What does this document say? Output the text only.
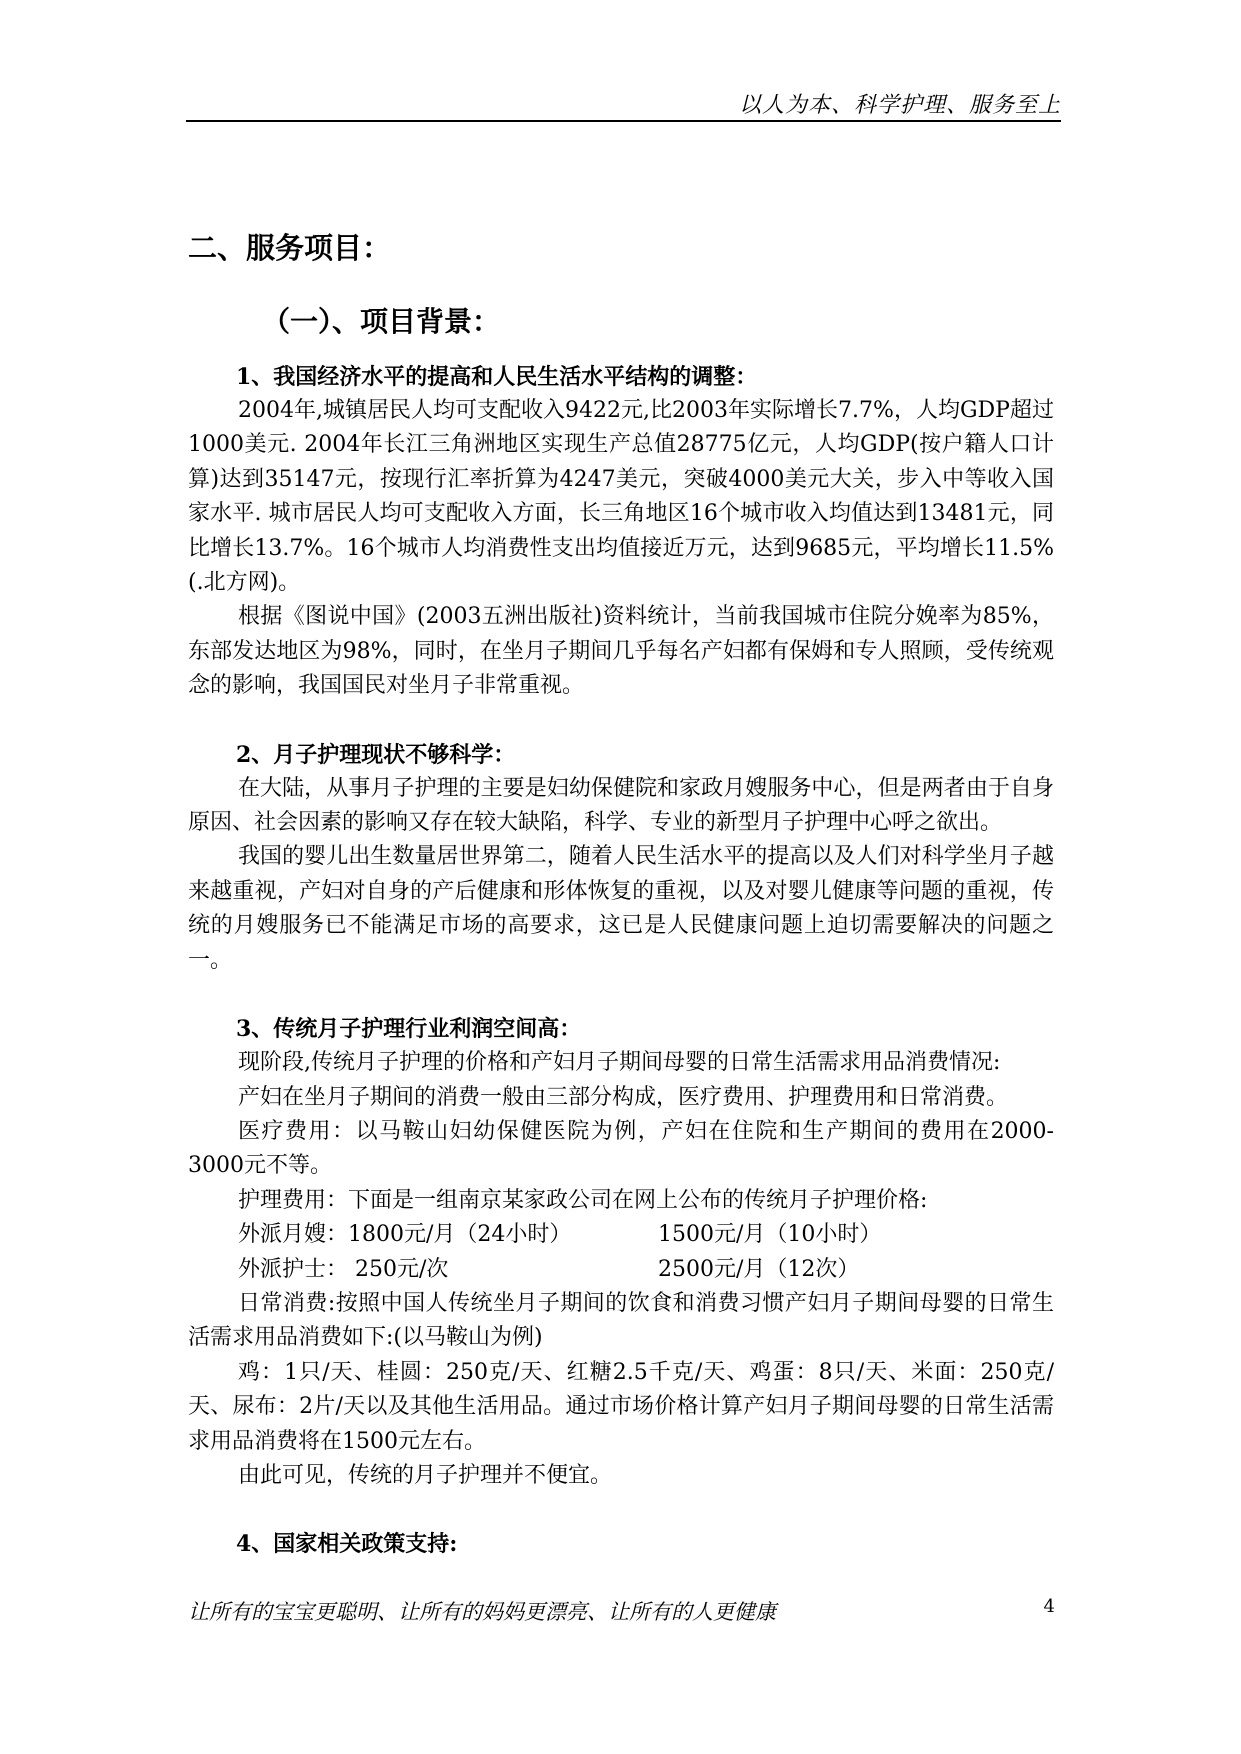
以人为本、科学护理、服务至上
二、服务项目：
（一）、项目背景：
1、我国经济水平的提高和人民生活水平结构的调整：

2004年,城镇居民人均可支配收入9422元,比2003年实际增长7.7%，人均GDP超过1000美元. 2004年长江三角洲地区实现生产总值28775亿元，人均GDP(按户籍人口计算)达到35147元，按现行汇率折算为4247美元，突破4000美元大关，步入中等收入国家水平. 城市居民人均可支配收入方面，长三角地区16个城市收入均值达到13481元，同比增长13.7%。16个城市人均消费性支出均值接近万元，达到9685元，平均增长11.5%(.北方网)。

根据《图说中国》(2003五洲出版社)资料统计，当前我国城市住院分娩率为85%，东部发达地区为98%，同时，在坐月子期间几乎每名产妇都有保姆和专人照顾，受传统观念的影响，我国国民对坐月子非常重视。

2、月子护理现状不够科学：

在大陆，从事月子护理的主要是妇幼保健院和家政月嫂服务中心，但是两者由于自身原因、社会因素的影响又存在较大缺陷，科学、专业的新型月子护理中心呼之欲出。

我国的婴儿出生数量居世界第二，随着人民生活水平的提高以及人们对科学坐月子越来越重视，产妇对自身的产后健康和形体恢复的重视，以及对婴儿健康等问题的重视，传统的月嫂服务已不能满足市场的高要求，这已是人民健康问题上迫切需要解决的问题之一。

3、传统月子护理行业利润空间高：

现阶段,传统月子护理的价格和产妇月子期间母婴的日常生活需求用品消费情况:

产妇在坐月子期间的消费一般由三部分构成，医疗费用、护理费用和日常消费。

医疗费用：以马鞍山妇幼保健医院为例，产妇在住院和生产期间的费用在2000-3000元不等。

护理费用：下面是一组南京某家政公司在网上公布的传统月子护理价格:

外派月嫂：1800元/月（24小时）	1500元/月（10小时）
外派护士： 250元/次	2500元/月（12次）

日常消费:按照中国人传统坐月子期间的饮食和消费习惯产妇月子期间母婴的日常生活需求用品消费如下:(以马鞍山为例)

鸡：1只/天、桂圆：250克/天、红糖2.5千克/天、鸡蛋：8只/天、米面：250克/天、尿布：2片/天以及其他生活用品。通过市场价格计算产妇月子期间母婴的日常生活需求用品消费将在1500元左右。

由此可见，传统的月子护理并不便宜。

4、国家相关政策支持:
让所有的宝宝更聪明、让所有的妈妈更漂亮、让所有的人更健康	4
